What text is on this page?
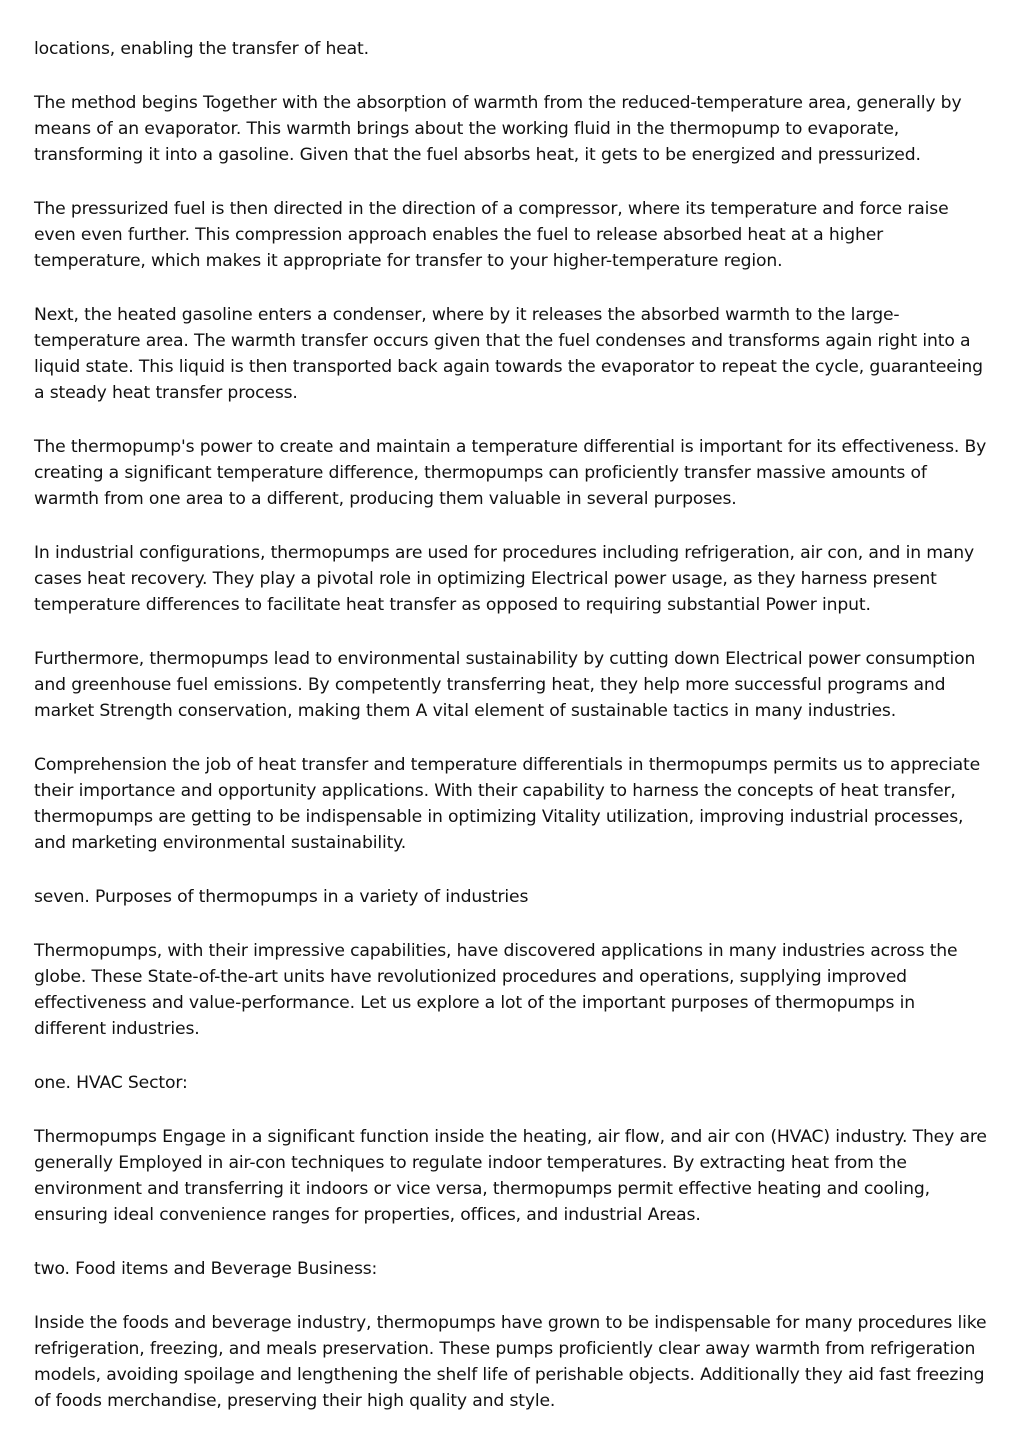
locations, enabling the transfer of heat.

The method begins Together with the absorption of warmth from the reduced-temperature area, generally by means of an evaporator. This warmth brings about the working fluid in the thermopump to evaporate, transforming it into a gasoline. Given that the fuel absorbs heat, it gets to be energized and pressurized.

The pressurized fuel is then directed in the direction of a compressor, where its temperature and force raise even even further. This compression approach enables the fuel to release absorbed heat at a higher temperature, which makes it appropriate for transfer to your higher-temperature region.

Next, the heated gasoline enters a condenser, where by it releases the absorbed warmth to the large-temperature area. The warmth transfer occurs given that the fuel condenses and transforms again right into a liquid state. This liquid is then transported back again towards the evaporator to repeat the cycle, guaranteeing a steady heat transfer process.

The thermopump's power to create and maintain a temperature differential is important for its effectiveness. By creating a significant temperature difference, thermopumps can proficiently transfer massive amounts of warmth from one area to a different, producing them valuable in several purposes.

In industrial configurations, thermopumps are used for procedures including refrigeration, air con, and in many cases heat recovery. They play a pivotal role in optimizing Electrical power usage, as they harness present temperature differences to facilitate heat transfer as opposed to requiring substantial Power input.

Furthermore, thermopumps lead to environmental sustainability by cutting down Electrical power consumption and greenhouse fuel emissions. By competently transferring heat, they help more successful programs and market Strength conservation, making them A vital element of sustainable tactics in many industries.

Comprehension the job of heat transfer and temperature differentials in thermopumps permits us to appreciate their importance and opportunity applications. With their capability to harness the concepts of heat transfer, thermopumps are getting to be indispensable in optimizing Vitality utilization, improving industrial processes, and marketing environmental sustainability.

seven. Purposes of thermopumps in a variety of industries

Thermopumps, with their impressive capabilities, have discovered applications in many industries across the globe. These State-of-the-art units have revolutionized procedures and operations, supplying improved effectiveness and value-performance. Let us explore a lot of the important purposes of thermopumps in different industries.

one. HVAC Sector:

Thermopumps Engage in a significant function inside the heating, air flow, and air con (HVAC) industry. They are generally Employed in air-con techniques to regulate indoor temperatures. By extracting heat from the environment and transferring it indoors or vice versa, thermopumps permit effective heating and cooling, ensuring ideal convenience ranges for properties, offices, and industrial Areas.

two. Food items and Beverage Business:

Inside the foods and beverage industry, thermopumps have grown to be indispensable for many procedures like refrigeration, freezing, and meals preservation. These pumps proficiently clear away warmth from refrigeration models, avoiding spoilage and lengthening the shelf life of perishable objects. Additionally they aid fast freezing of foods merchandise, preserving their high quality and style.
